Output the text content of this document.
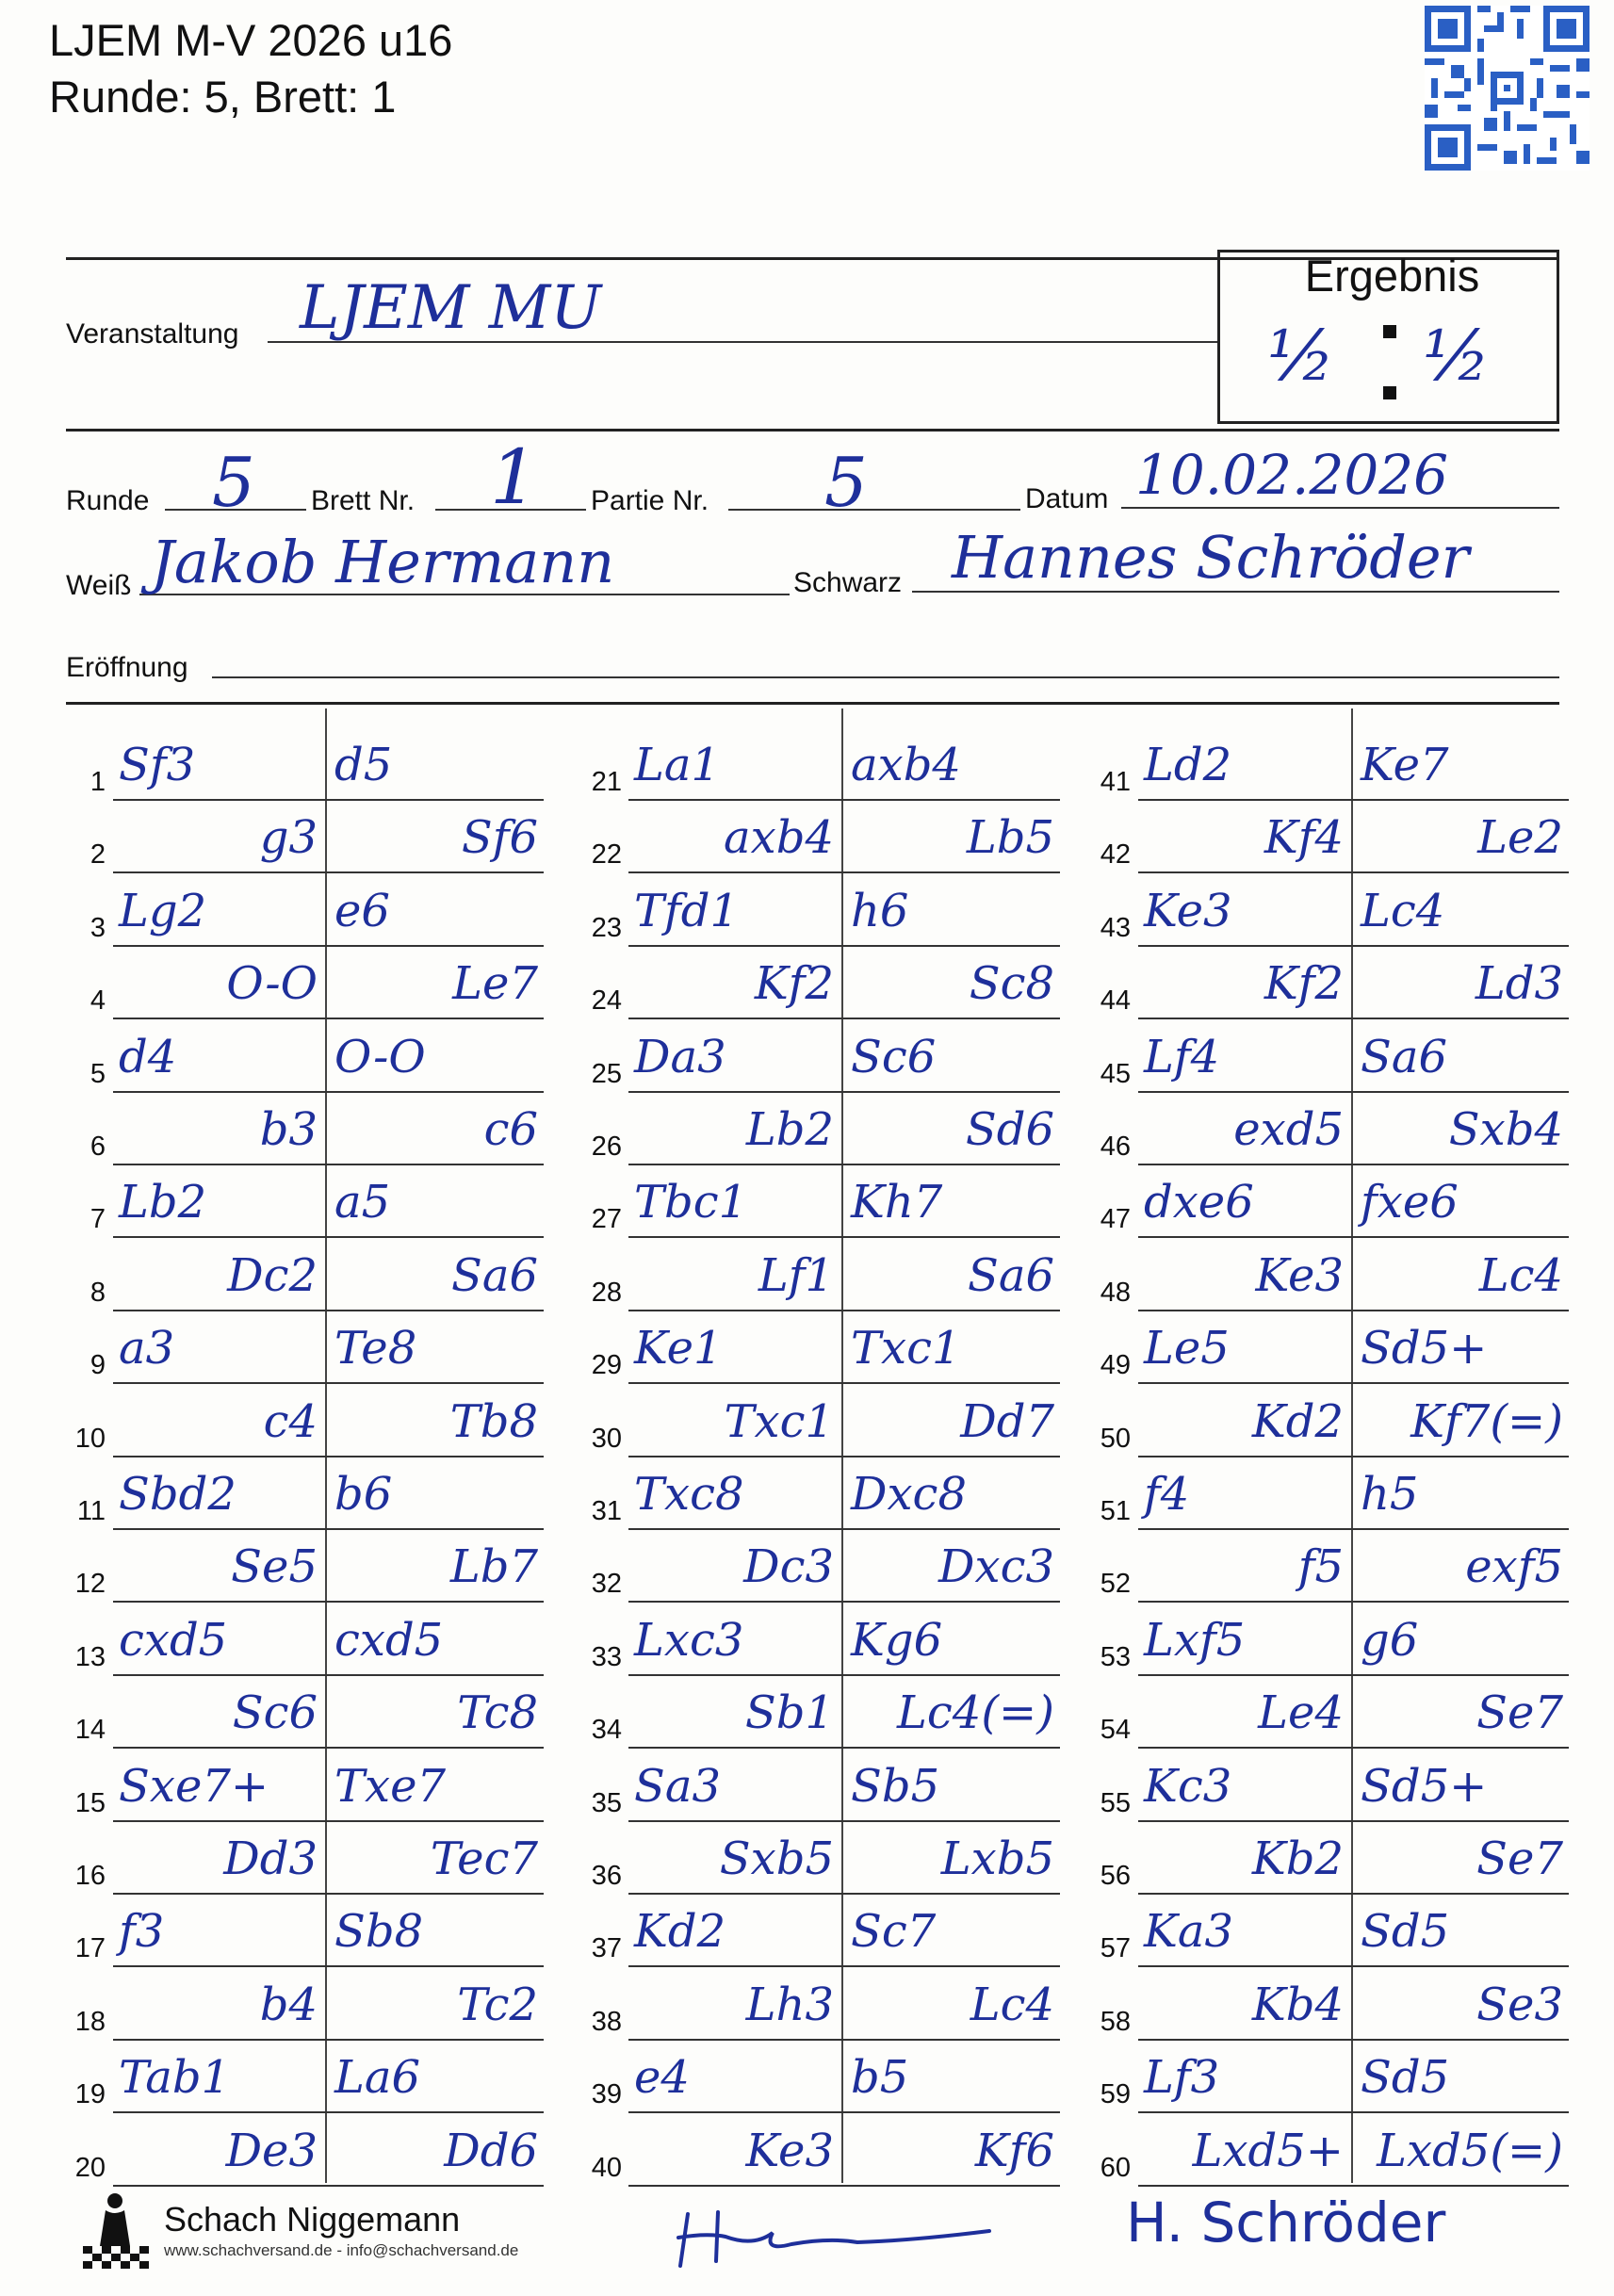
LJEM M-V 2026 u16
Runde: 5, Brett: 1
Veranstaltung LJEM MU	Ergebnis
½ ½
Runde 5 Brett Nr. 1 Partie Nr. 5	Datum 10.02.2026
Weiß Jakob Hermann	Schwarz Hannes Schröder
Eröffnung
1 Sf3	d5
2	g3	Sf6
3 Lg2	e6
4	O-O	Le7
5 d4	O-O
6	b3	c6
7 Lb2	a5
8	Dc2	Sa6
9 a3	Te8
10	c4	Tb8
11 Sbd2 b6
12	Se5	Lb7
13 cxd5 cxd5
14	Sc6	Tc8
15 Sxe7+ Txe7
16	Dd3 Tec7
17 f3	Sb8
18	b4	Tc2
19 Tab1 La6
20	De3	Dd6
21 La1	axb4
22 axb4	Lb5
23 Tfd1 h6
24	Kf2	Sc8
25 Da3	Sc6
26	Lb2	Sd6
27 Tbc1 Kh7
28	Lf1	Sa6
29 Ke1	Txc1
30 Txc1	Dd7
31 Txc8 Dxc8
32	Dc3 Dxc3
33 Lxc3 Kg6
34	Sb1 Lc4(=)
35 Sa3	Sb5
36 Sxb5 Lxb5
37 Kd2	Sc7
38	Lh3	Lc4
39 e4	b5
40	Ke3	Kf6
41 Ld2	Ke7
42	Kf4	Le2
43 Ke3	Lc4
44	Kf2	Ld3
45 Lf4	Sa6
46 exd5 Sxb4
47 dxe6 fxe6
48	Ke3	Lc4
49 Le5	Sd5+
50	Kd2 Kf7(=)
51 f4	h5
52	f5	exf5
53 Lxf5	g6
54	Le4	Se7
55 Kc3	Sd5+
56	Kb2	Se7
57 Ka3	Sd5
58	Kb4	Se3
59 Lf3	Sd5
60 Lxd5+ Lxd5(=)
H. Schröder
Schach Niggemann
www.schachversand.de - info@schachversand.de
